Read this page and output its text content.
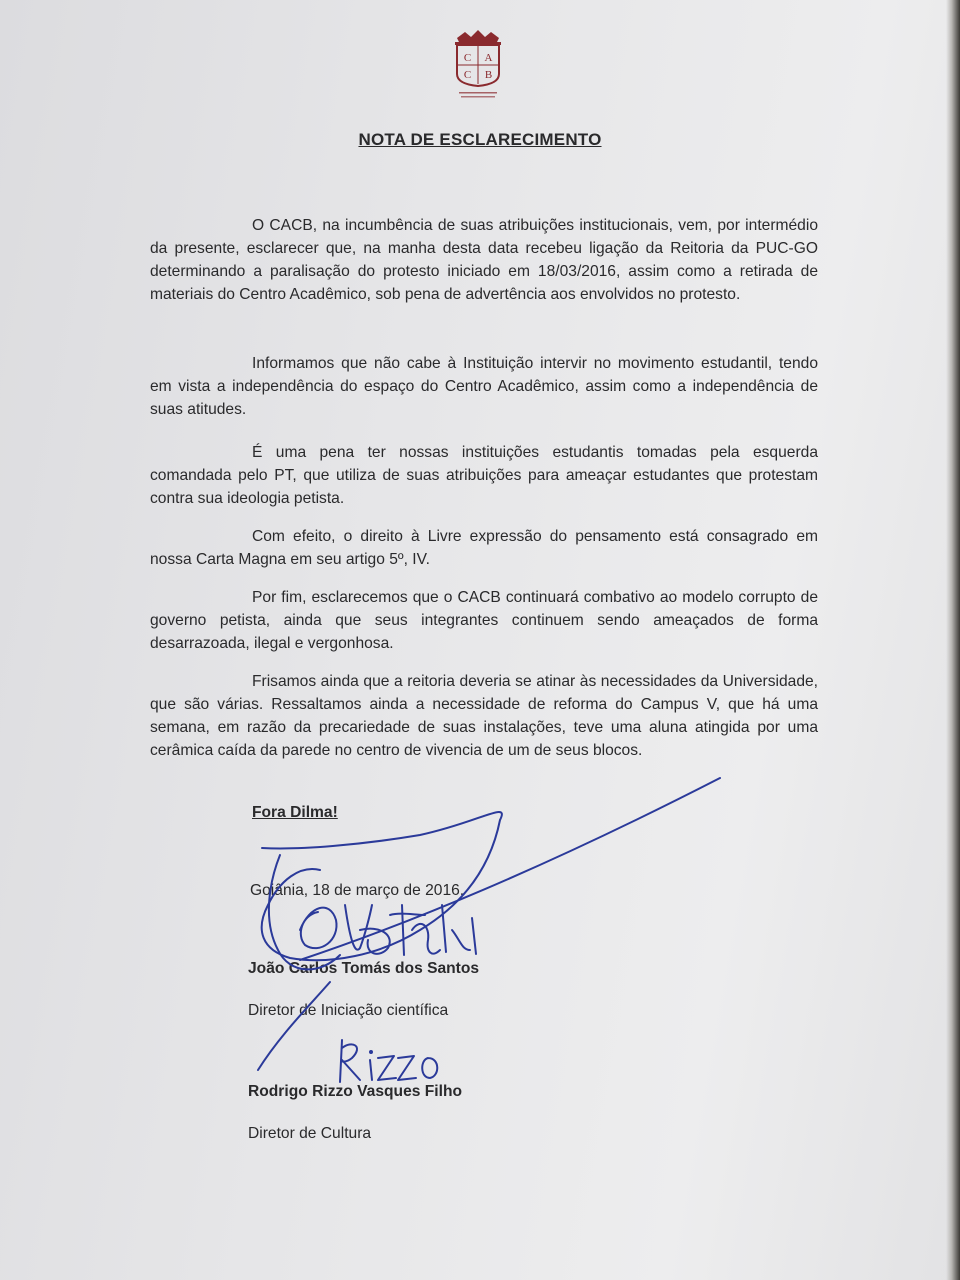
C A
C B
NOTA DE ESCLARECIMENTO

O CACB, na incumbência de suas atribuições institucionais, vem, por intermédio da presente, esclarecer que, na manha desta data recebeu ligação da Reitoria da PUC-GO determinando a paralisação do protesto iniciado em 18/03/2016, assim como a retirada de materiais do Centro Acadêmico, sob pena de advertência aos envolvidos no protesto.

Informamos que não cabe à Instituição intervir no movimento estudantil, tendo em vista a independência do espaço do Centro Acadêmico, assim como a independência de suas atitudes.

É uma pena ter nossas instituições estudantis tomadas pela esquerda comandada pelo PT, que utiliza de suas atribuições para ameaçar estudantes que protestam contra sua ideologia petista.

Com efeito, o direito à Livre expressão do pensamento está consagrado em nossa Carta Magna em seu artigo 5º, IV.

Por fim, esclarecemos que o CACB continuará combativo ao modelo corrupto de governo petista, ainda que seus integrantes continuem sendo ameaçados de forma desarrazoada, ilegal e vergonhosa.

Frisamos ainda que a reitoria deveria se atinar às necessidades da Universidade, que são várias. Ressaltamos ainda a necessidade de reforma do Campus V, que há uma semana, em razão da precariedade de suas instalações, teve uma aluna atingida por uma cerâmica caída da parede no centro de vivencia de um de seus blocos.

Fora Dilma!

Goiânia, 18 de março de 2016.

João Carlos Tomás dos Santos

Diretor de Iniciação científica

Rodrigo Rizzo Vasques Filho

Diretor de Cultura
